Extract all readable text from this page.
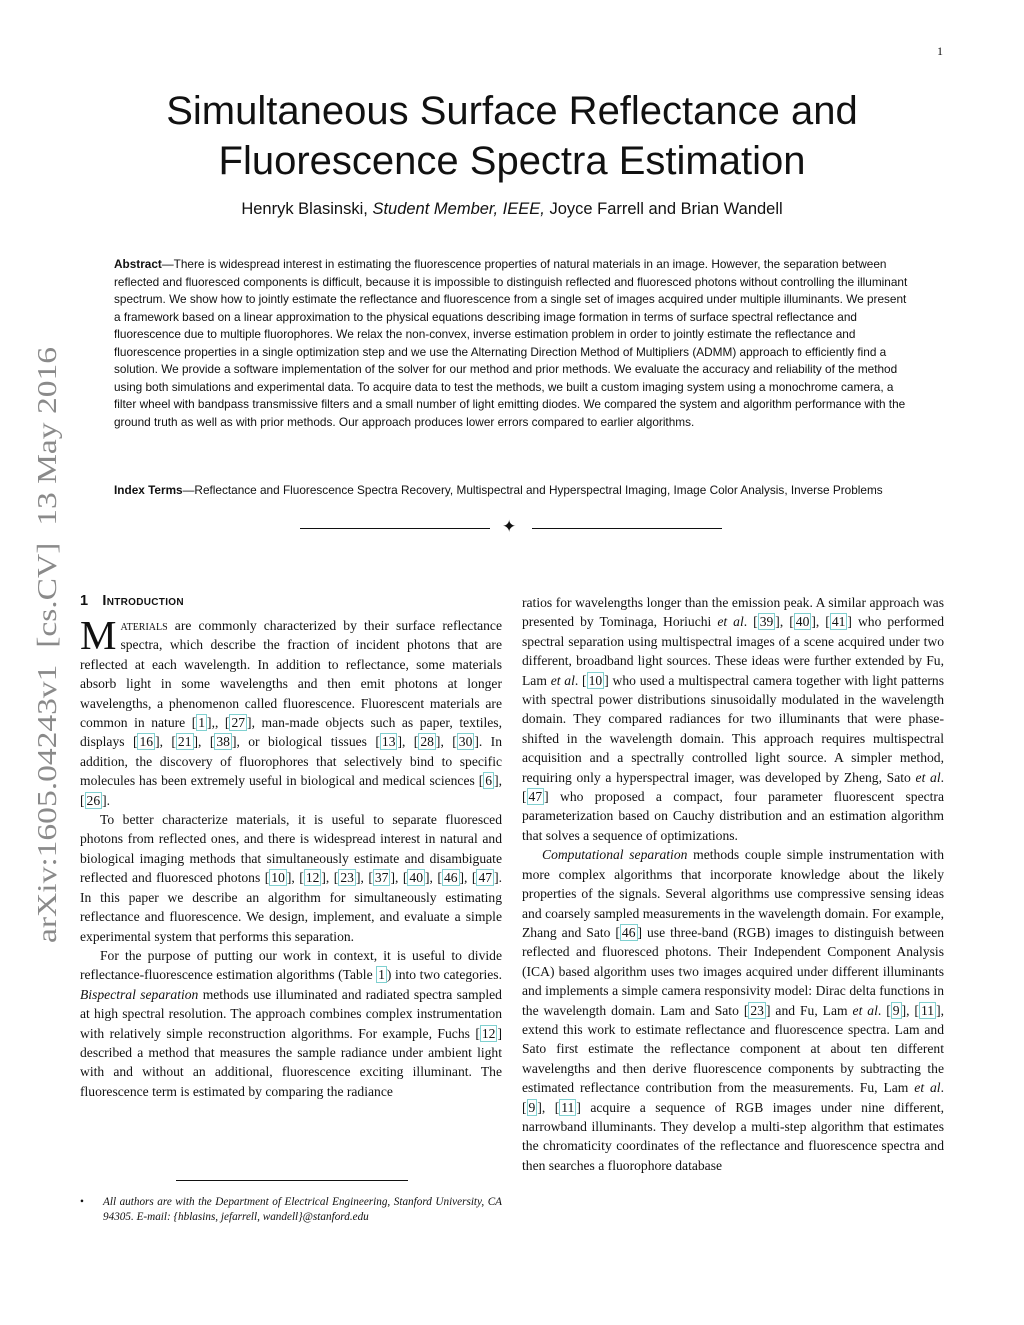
1
arXiv:1605.04243v1  [cs.CV]  13 May 2016
Simultaneous Surface Reflectance and
Fluorescence Spectra Estimation
Henryk Blasinski, Student Member, IEEE, Joyce Farrell and Brian Wandell
Abstract—There is widespread interest in estimating the fluorescence properties of natural materials in an image. However, the separation between reflected and fluoresced components is difficult, because it is impossible to distinguish reflected and fluoresced photons without controlling the illuminant spectrum. We show how to jointly estimate the reflectance and fluorescence from a single set of images acquired under multiple illuminants. We present a framework based on a linear approximation to the physical equations describing image formation in terms of surface spectral reflectance and fluorescence due to multiple fluorophores. We relax the non-convex, inverse estimation problem in order to jointly estimate the reflectance and fluorescence properties in a single optimization step and we use the Alternating Direction Method of Multipliers (ADMM) approach to efficiently find a solution. We provide a software implementation of the solver for our method and prior methods. We evaluate the accuracy and reliability of the method using both simulations and experimental data. To acquire data to test the methods, we built a custom imaging system using a monochrome camera, a filter wheel with bandpass transmissive filters and a small number of light emitting diodes. We compared the system and algorithm performance with the ground truth as well as with prior methods. Our approach produces lower errors compared to earlier algorithms.
Index Terms—Reflectance and Fluorescence Spectra Recovery, Multispectral and Hyperspectral Imaging, Image Color Analysis, Inverse Problems
✦
1 Introduction

Materials are commonly characterized by their surface reflectance spectra, which describe the fraction of incident photons that are reflected at each wavelength. In addition to reflectance, some materials absorb light in some wavelengths and then emit photons at longer wavelengths, a phenomenon called fluorescence. Fluorescent materials are common in nature [ 1 ],, [ 27 ], man-made objects such as paper, textiles, displays [ 16 ], [ 21 ], [ 38 ], or biological tissues [ 13 ], [ 28 ], [ 30 ]. In addition, the discovery of fluorophores that selectively bind to specific molecules has been extremely useful in biological and medical sciences [ 6 ], [ 26 ].

To better characterize materials, it is useful to separate fluoresced photons from reflected ones, and there is widespread interest in natural and biological imaging methods that simultaneously estimate and disambiguate reflected and fluoresced photons [ 10 ], [ 12 ], [ 23 ], [ 37 ], [ 40 ], [ 46 ], [ 47 ]. In this paper we describe an algorithm for simultaneously estimating reflectance and fluorescence. We design, implement, and evaluate a simple experimental system that performs this separation.

For the purpose of putting our work in context, it is useful to divide reflectance-fluorescence estimation algorithms (Table 1 ) into two categories. Bispectral separation methods use illuminated and radiated spectra sampled at high spectral resolution. The approach combines complex instrumentation with relatively simple reconstruction algorithms. For example, Fuchs [ 12 ] described a method that measures the sample radiance under ambient light with and without an additional, fluorescence exciting illuminant. The fluorescence term is estimated by comparing the radiance

• All authors are with the Department of Electrical Engineering, Stanford University, CA 94305. E-mail: {hblasins, jefarrell, wandell}@stanford.edu

ratios for wavelengths longer than the emission peak. A similar approach was presented by Tominaga, Horiuchi et al. [ 39 ], [ 40 ], [ 41 ] who performed spectral separation using multispectral images of a scene acquired under two different, broadband light sources. These ideas were further extended by Fu, Lam et al. [ 10 ] who used a multispectral camera together with light patterns with spectral power distributions sinusoidally modulated in the wavelength domain. They compared radiances for two illuminants that were phase-shifted in the wavelength domain. This approach requires multispectral acquisition and a spectrally controlled light source. A simpler method, requiring only a hyperspectral imager, was developed by Zheng, Sato et al. [ 47 ] who proposed a compact, four parameter fluorescent spectra parameterization based on Cauchy distribution and an estimation algorithm that solves a sequence of optimizations.

Computational separation methods couple simple instrumentation with more complex algorithms that incorporate knowledge about the likely properties of the signals. Several algorithms use compressive sensing ideas and coarsely sampled measurements in the wavelength domain. For example, Zhang and Sato [ 46 ] use three-band (RGB) images to distinguish between reflected and fluoresced photons. Their Independent Component Analysis (ICA) based algorithm uses two images acquired under different illuminants and implements a simple camera responsivity model: Dirac delta functions in the wavelength domain. Lam and Sato [ 23 ] and Fu, Lam et al. [ 9 ], [ 11 ], extend this work to estimate reflectance and fluorescence spectra. Lam and Sato first estimate the reflectance component at about ten different wavelengths and then derive fluorescence components by subtracting the estimated reflectance contribution from the measurements. Fu, Lam et al. [ 9 ], [ 11 ] acquire a sequence of RGB images under nine different, narrowband illuminants. They develop a multi-step algorithm that estimates the chromaticity coordinates of the reflectance and fluorescence spectra and then searches a fluorophore database
